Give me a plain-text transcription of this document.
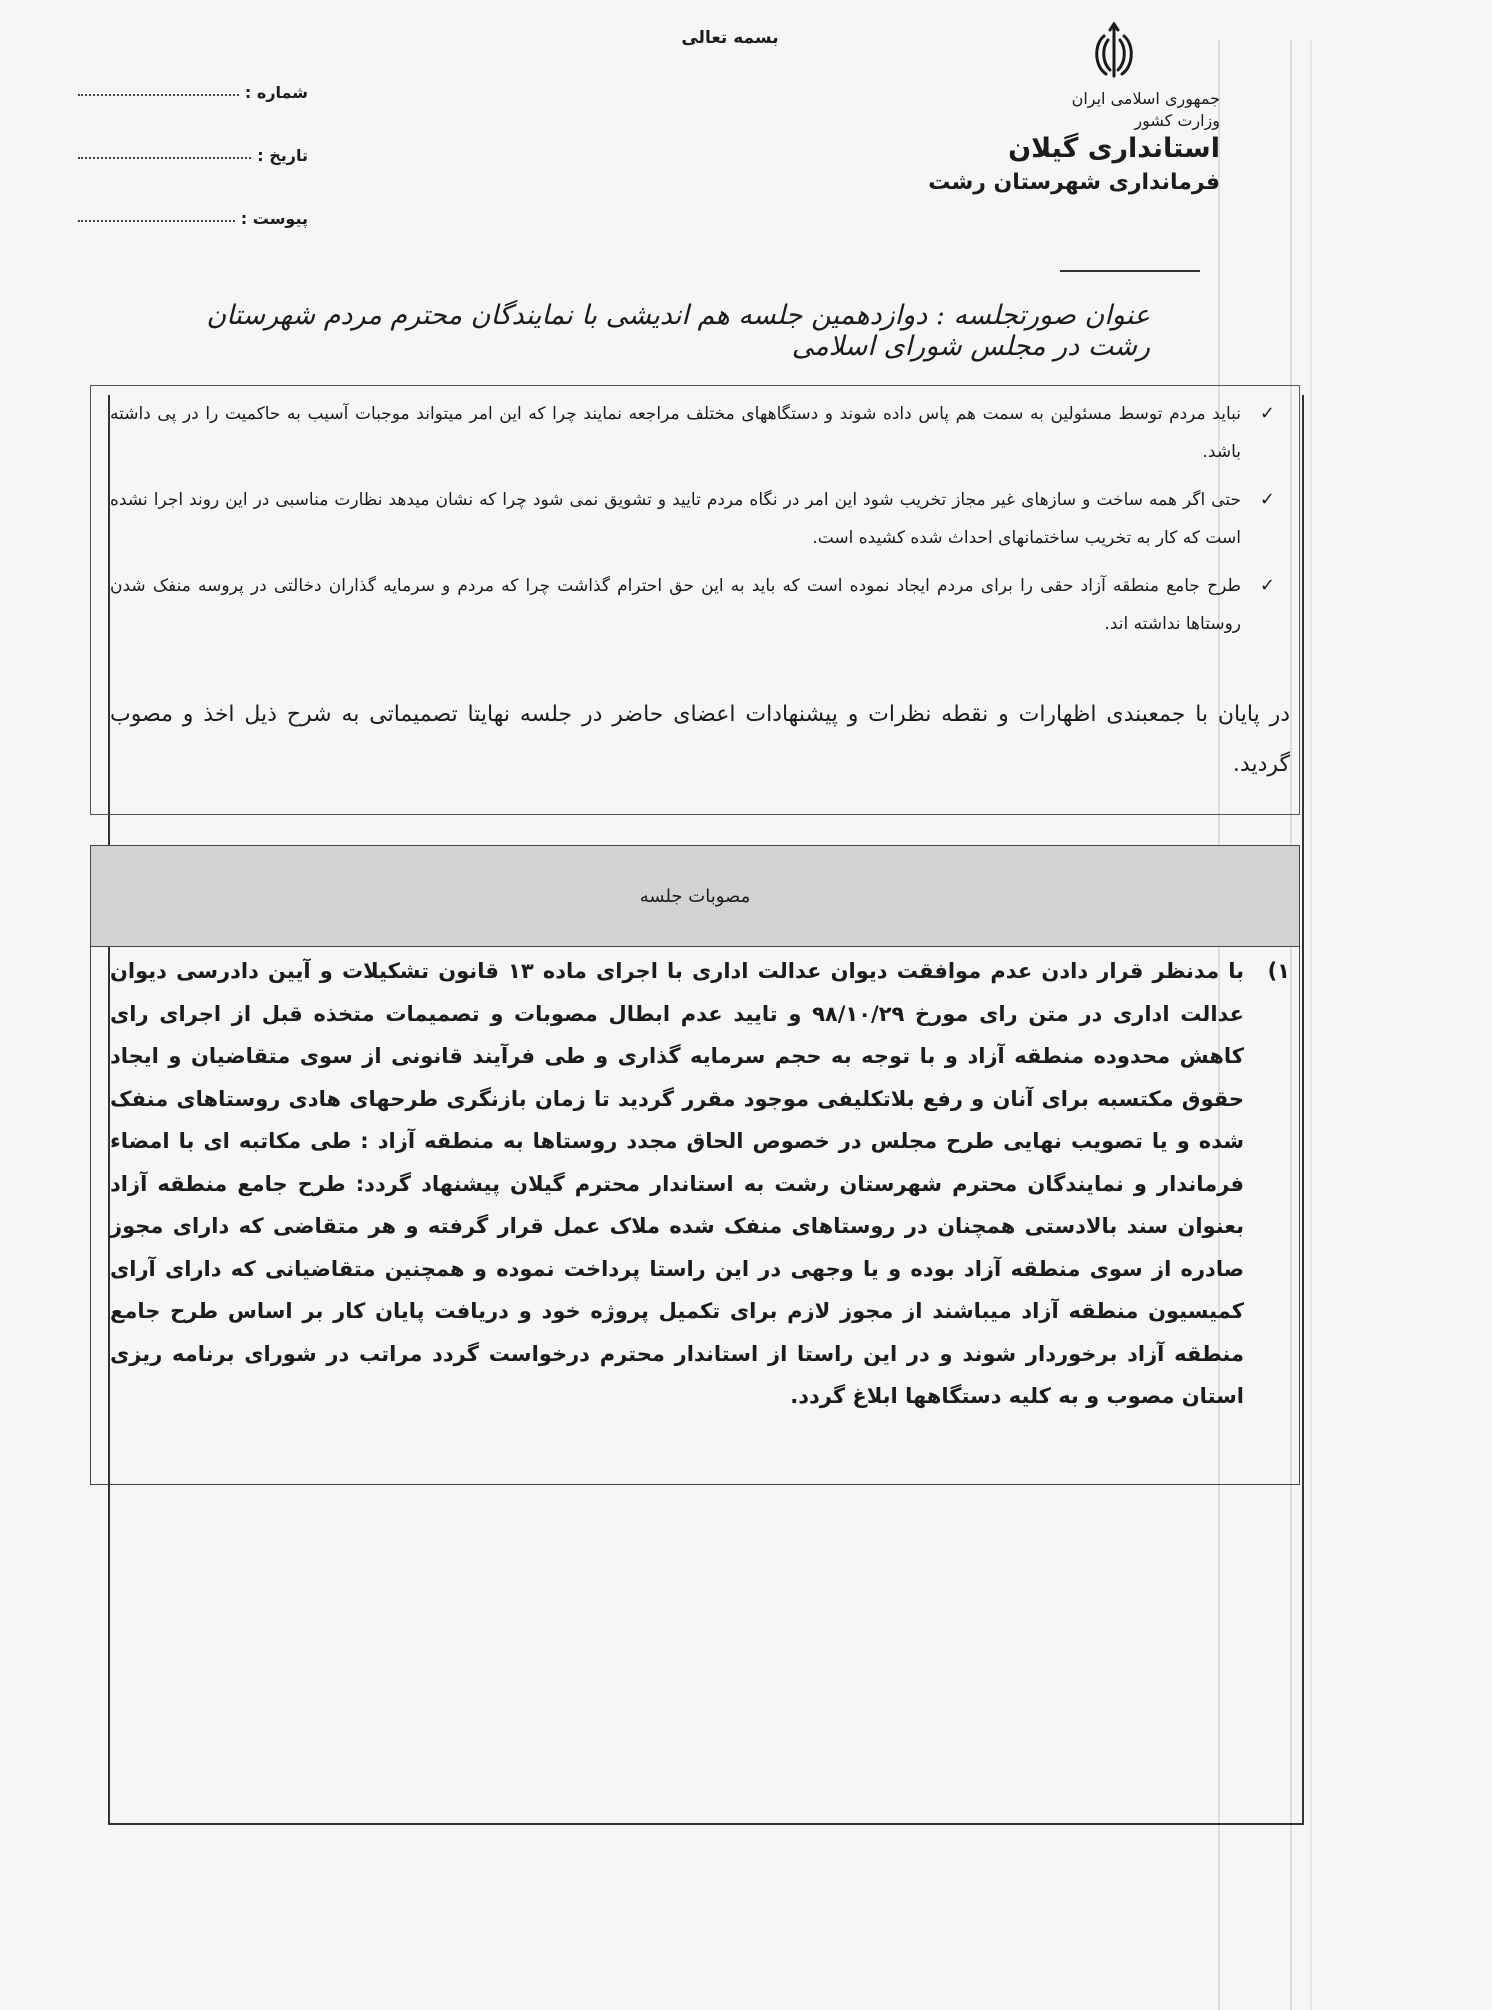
بسمه تعالی
جمهوری اسلامی ایران
وزارت کشور
استانداری گیلان
فرمانداری شهرستان رشت
شماره :
تاریخ :
پیوست :
عنوان صورتجلسه : دوازدهمین جلسه هم اندیشی با نمایندگان محترم مردم شهرستان رشت در مجلس شورای اسلامی
✓
نباید مردم توسط مسئولین به سمت هم پاس داده شوند و دستگاههای مختلف مراجعه نمایند چرا که این امر میتواند موجبات آسیب به حاکمیت را در پی داشته باشد.
✓
حتی اگر همه ساخت و سازهای غیر مجاز تخریب شود این امر در نگاه مردم تایید و تشویق نمی شود چرا که نشان میدهد نظارت مناسبی در این روند اجرا نشده است که کار به تخریب ساختمانهای احداث شده کشیده است.
✓
طرح جامع منطقه آزاد حقی را برای مردم ایجاد نموده است که باید به این حق احترام گذاشت چرا که مردم و سرمایه گذاران دخالتی در پروسه منفک شدن روستاها نداشته اند.
در پایان با جمعبندی اظهارات و نقطه نظرات و پیشنهادات اعضای حاضر در جلسه نهایتا تصمیماتی به شرح ذیل اخذ و مصوب گردید.
مصوبات جلسه
۱)
با مدنظر قرار دادن عدم موافقت دیوان عدالت اداری با اجرای ماده ۱۳ قانون تشکیلات و آیین دادرسی دیوان عدالت اداری در متن رای مورخ ۹۸/۱۰/۲۹ و تایید عدم ابطال مصوبات و تصمیمات متخذه قبل از اجرای رای کاهش محدوده منطقه آزاد و با توجه به حجم سرمایه گذاری و طی فرآیند قانونی از سوی متقاضیان و ایجاد حقوق مکتسبه برای آنان و رفع بلاتکلیفی موجود مقرر گردید تا زمان بازنگری طرحهای هادی روستاهای منفک شده و یا تصویب نهایی طرح مجلس در خصوص الحاق مجدد روستاها به منطقه آزاد : طی مکاتبه ای با امضاء فرماندار و نمایندگان محترم شهرستان رشت به استاندار محترم گیلان پیشنهاد گردد: طرح جامع منطقه آزاد بعنوان سند بالادستی همچنان در روستاهای منفک شده ملاک عمل قرار گرفته و هر متقاضی که دارای مجوز صادره از سوی منطقه آزاد بوده و یا وجهی در این راستا پرداخت نموده و همچنین متقاضیانی که دارای آرای کمیسیون منطقه آزاد میباشند از مجوز لازم برای تکمیل پروژه خود و دریافت پایان کار بر اساس طرح جامع منطقه آزاد برخوردار شوند و در این راستا از استاندار محترم درخواست گردد مراتب در شورای برنامه ریزی استان مصوب و به کلیه دستگاهها ابلاغ گردد.
